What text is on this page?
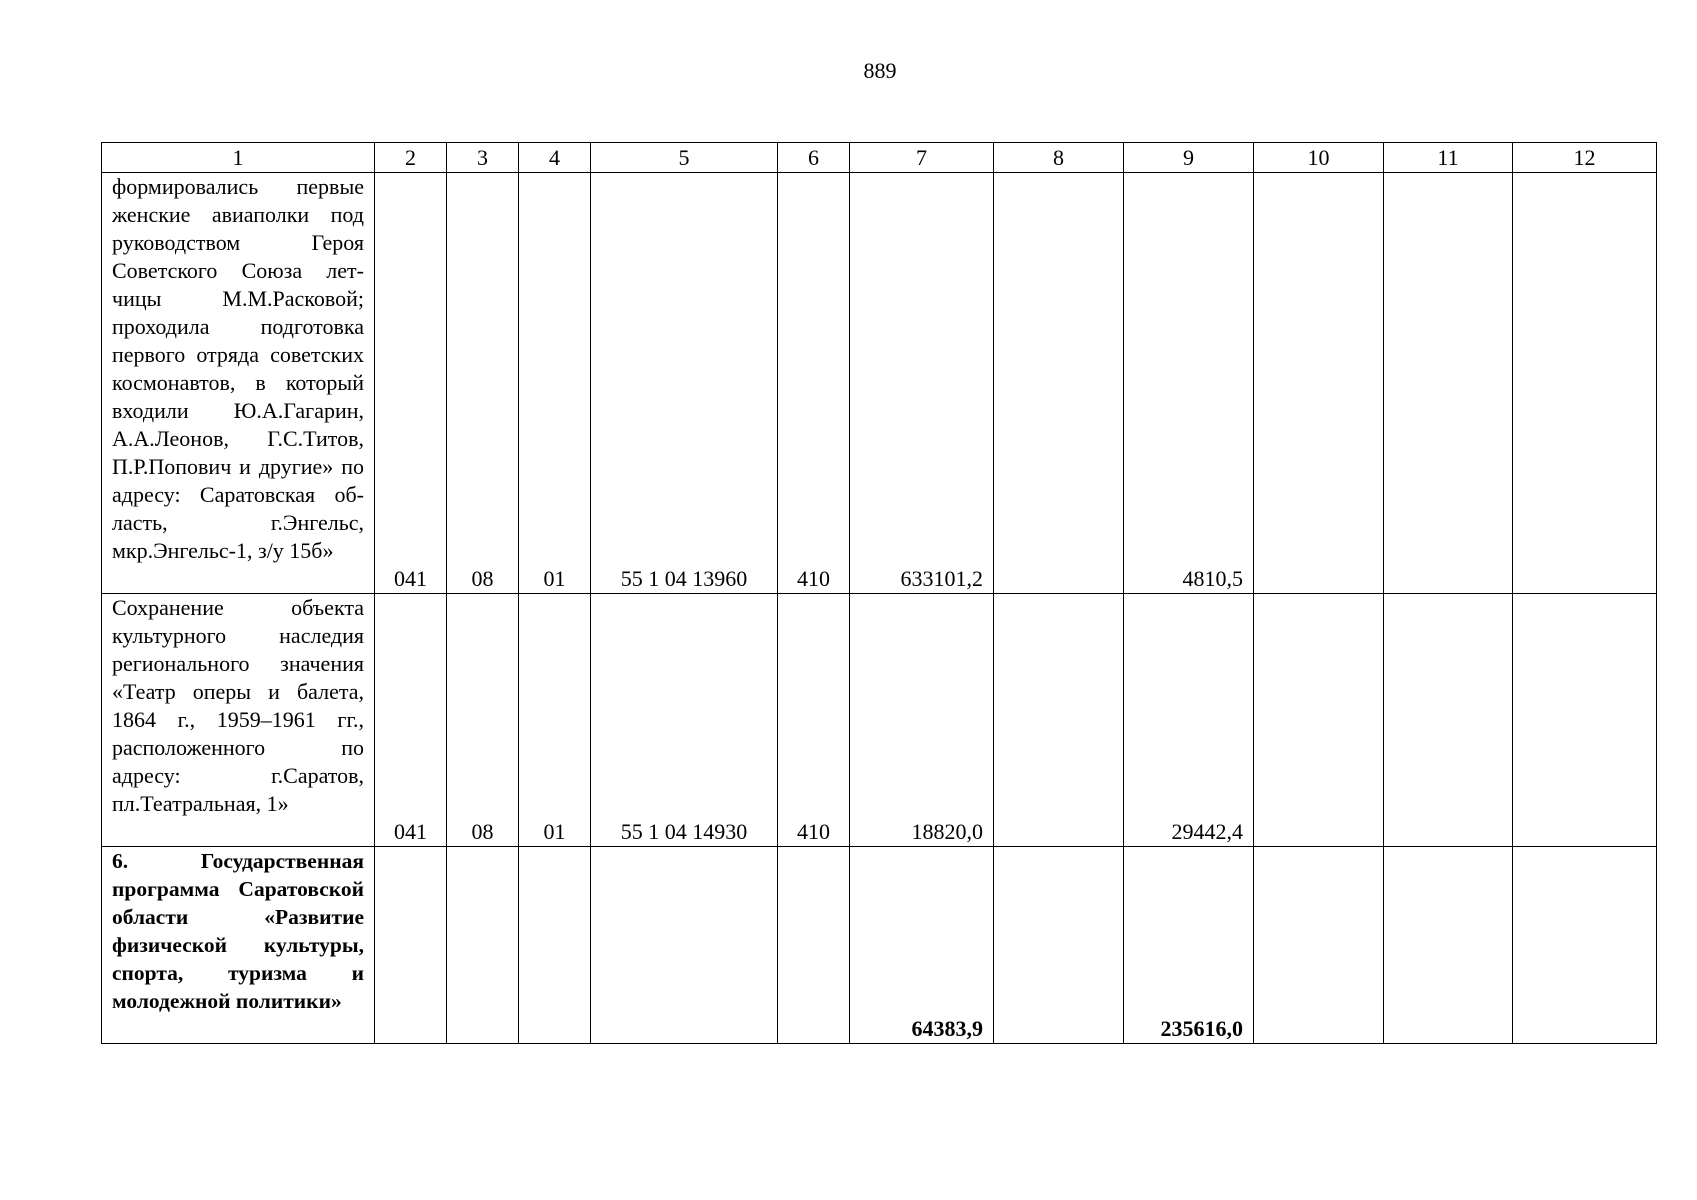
889
1	2	3	4	5	6	7	8	9	10	11	12
формировались первые женские авиаполки под руководством Героя Советского Союза летчицы М.М.Расковой; проходила подготовка первого отряда советских космонавтов, в который входили Ю.А.Гагарин, А.А.Леонов, Г.С.Титов, П.Р.Попович и другие» по адресу: Саратовская область, г.Энгельс, мкр.Энгельс-1, з/у 15б»	041	08	01	55 1 04 13960	410	633101,2		4810,5			
Сохранение объекта культурного наследия регионального значения «Театр оперы и балета, 1864 г., 1959–1961 гг., расположенного по адресу: г.Саратов, пл.Театральная, 1»	041	08	01	55 1 04 14930	410	18820,0		29442,4			
6. Государственная программа Саратовской области «Развитие физической культуры, спорта, туризма и молодежной политики»						64383,9		235616,0			
